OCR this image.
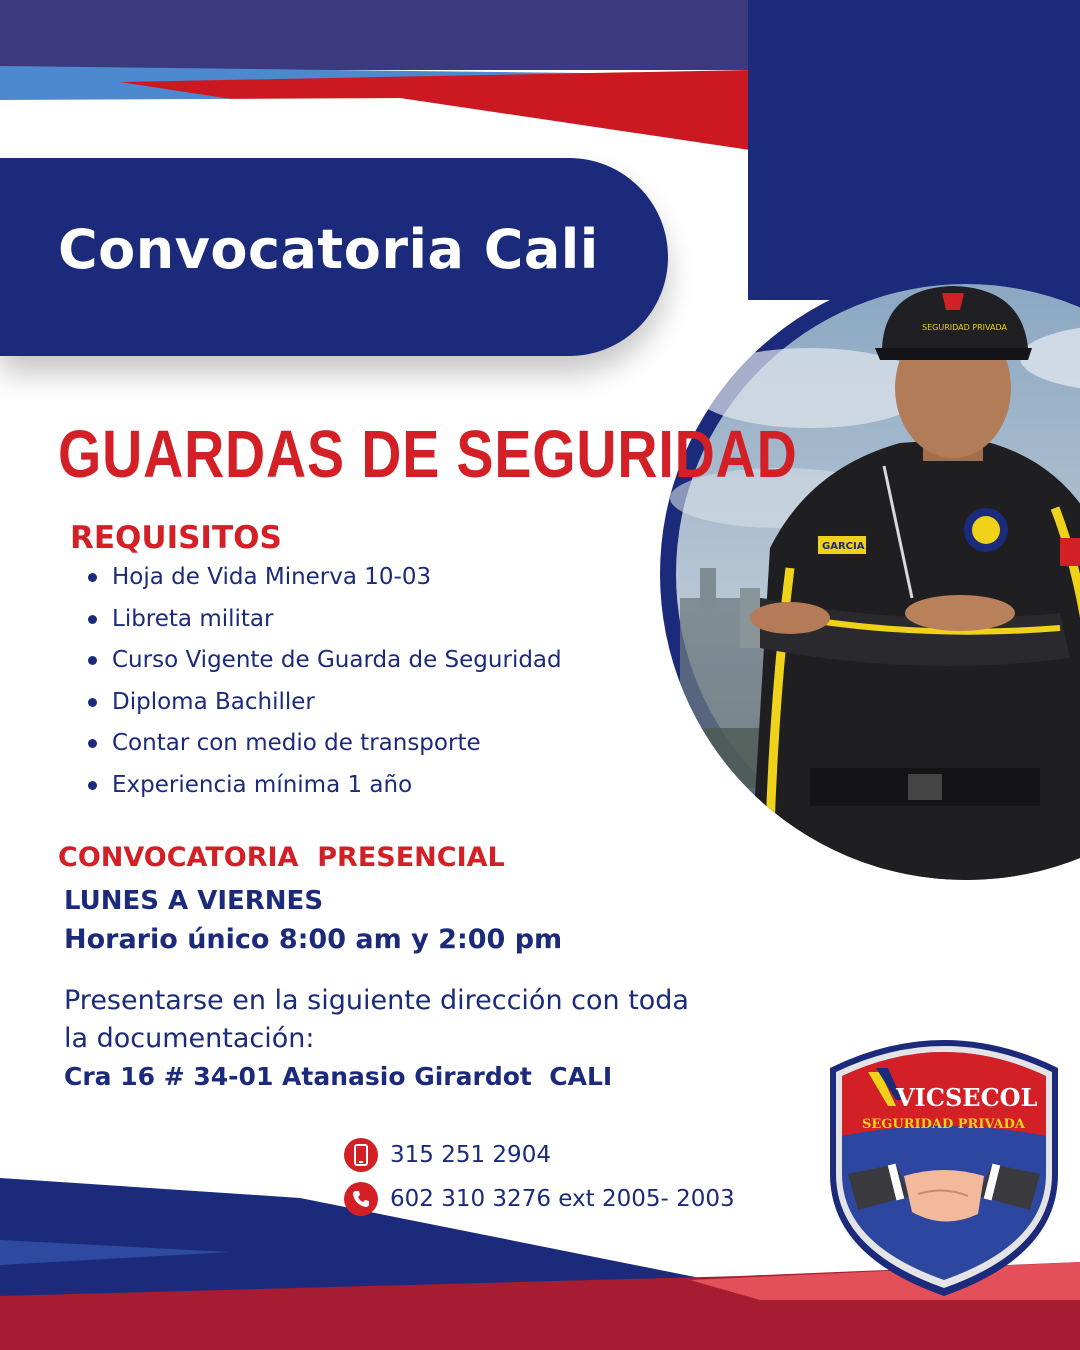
Convocatoria Cali
SEGURIDAD PRIVADA
GARCIA
GUARDAS DE SEGURIDAD
REQUISITOS
Hoja de Vida Minerva 10-03
Libreta militar
Curso Vigente de Guarda de Seguridad
Diploma Bachiller
Contar con medio de transporte
Experiencia mínima 1 año
CONVOCATORIA  PRESENCIAL
LUNES A VIERNES
Horario único 8:00 am y 2:00 pm
Presentarse en la siguiente dirección con toda la documentación:
Cra 16 # 34-01 Atanasio Girardot  CALI
315 251 2904
602 310 3276 ext 2005- 2003
VICSECOL
SEGURIDAD PRIVADA
